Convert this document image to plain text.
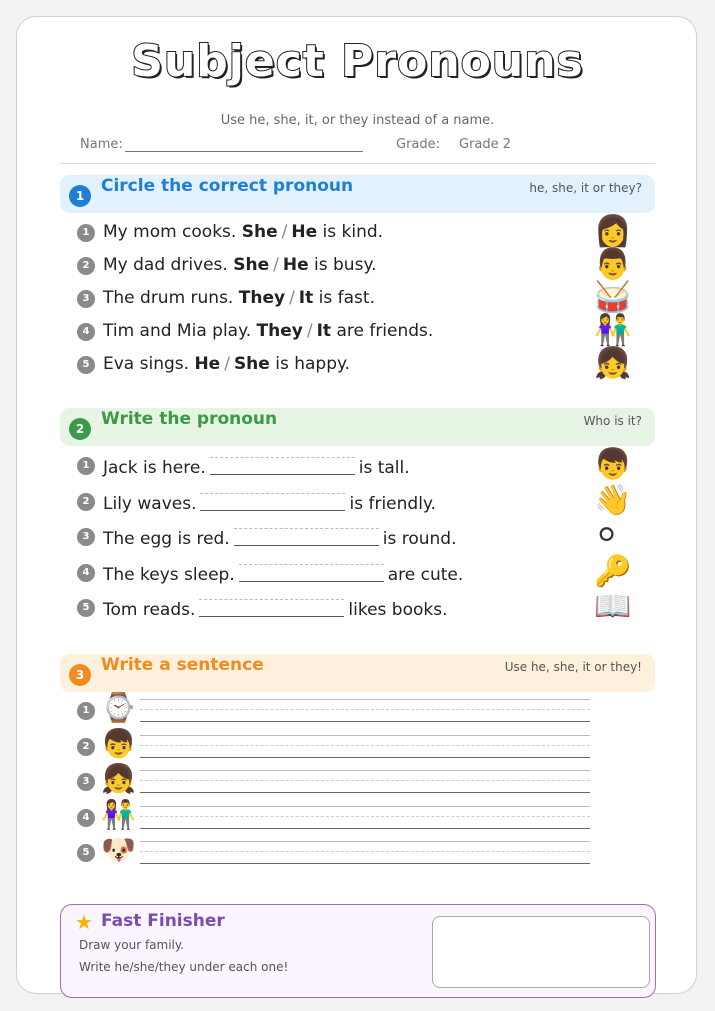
Subject Pronouns
Use he, she, it, or they instead of a name.
Name:	Grade: Grade 2
1 Circle the correct pronoun	he, she, it or they?
1 My mom cooks. She / He is kind.	👩
2 My dad drives. She / He is busy.	👨
3 The drum runs. They / It is fast.	🥁
4 Tim and Mia play. They / It are friends.	👫
5 Eva sings. He / She is happy.	👧
2 Write the pronoun	Who is it?
1 Jack is here.	is tall.	👦
2 Lily waves.	is friendly.	👋
3 The egg is red.	is round.	⚪
4 The keys sleep.	are cute.	🔑
5 Tom reads.	likes books.	📖
3 Write a sentence	Use he, she, it or they!
1 ⌚
2 👦
3 👧
4 👫
5 🐶
★ Fast Finisher
Draw your family.
Write he/she/they under each one!
